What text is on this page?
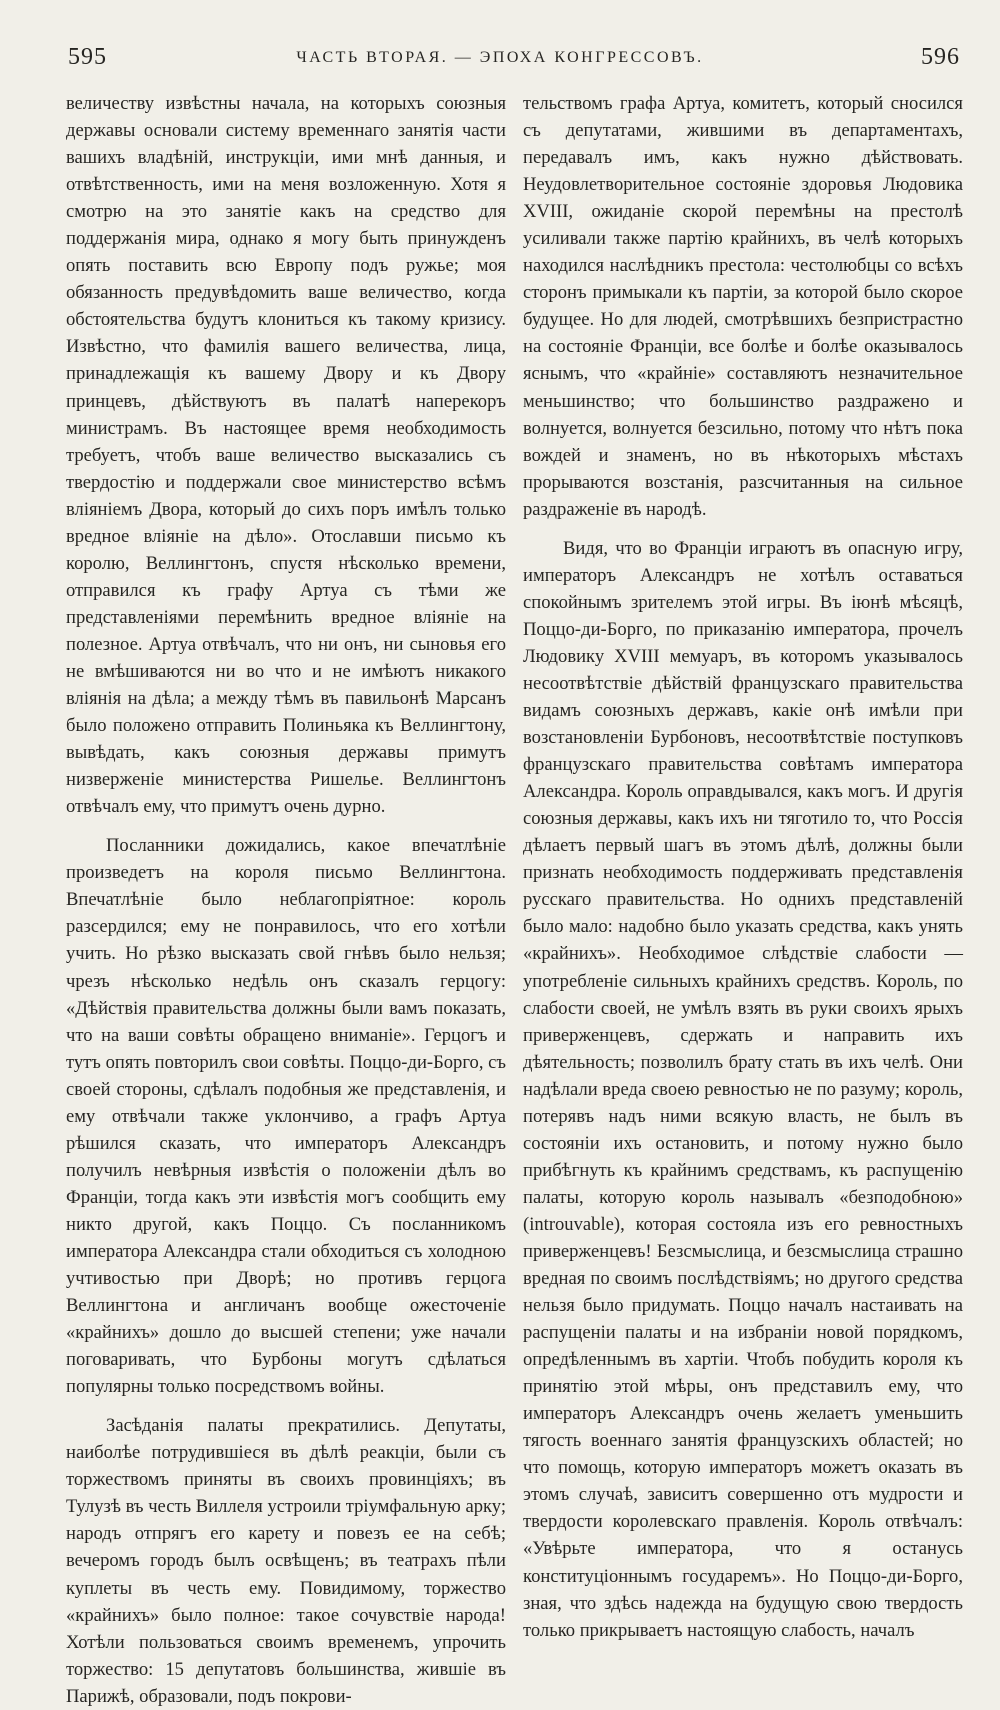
595	ЧАСТЬ ВТОРАЯ. — ЭПОХА КОНГРЕССОВЪ.	596

величеству извѣстны начала, на которыхъ союзныя державы основали систему временнаго занятія части вашихъ владѣній, инструкціи, ими мнѣ данныя, и отвѣтственность, ими на меня возложенную. Хотя я смотрю на это занятіе какъ на средство для поддержанія мира, однако я могу быть принужденъ опять поставить всю Европу подъ ружье; моя обязанность предувѣдомить ваше величество, когда обстоятельства будутъ клониться къ такому кризису. Извѣстно, что фамилія вашего величества, лица, принадлежащія къ вашему Двору и къ Двору принцевъ, дѣйствуютъ въ палатѣ наперекоръ министрамъ. Въ настоящее время необходимость требуетъ, чтобъ ваше величество высказались съ твердостію и поддержали свое министерство всѣмъ вліяніемъ Двора, который до сихъ поръ имѣлъ только вредное вліяніе на дѣло». Отославши письмо къ королю, Веллингтонъ, спустя нѣсколько времени, отправился къ графу Артуа съ тѣми же представленіями перемѣнить вредное вліяніе на полезное. Артуа отвѣчалъ, что ни онъ, ни сыновья его не вмѣшиваются ни во что и не имѣютъ никакого вліянія на дѣла; а между тѣмъ въ павильонѣ Марсанъ было положено отправить Полиньяка къ Веллингтону, вывѣдать, какъ союзныя державы примутъ низверженіе министерства Ришелье. Веллингтонъ отвѣчалъ ему, что примутъ очень дурно.

Посланники дожидались, какое впечатлѣніе произведетъ на короля письмо Веллингтона. Впечатлѣніе было неблагопріятное: король разсердился; ему не понравилось, что его хотѣли учить. Но рѣзко высказать свой гнѣвъ было нельзя; чрезъ нѣсколько недѣль онъ сказалъ герцогу: «Дѣйствія правительства должны были вамъ показать, что на ваши совѣты обращено вниманіе». Герцогъ и тутъ опять повторилъ свои совѣты. Поццо-ди-Борго, съ своей стороны, сдѣлалъ подобныя же представленія, и ему отвѣчали также уклончиво, а графъ Артуа рѣшился сказать, что императоръ Александръ получилъ невѣрныя извѣстія о положеніи дѣлъ во Франціи, тогда какъ эти извѣстія могъ сообщить ему никто другой, какъ Поццо. Съ посланникомъ императора Александра стали обходиться съ холодною учтивостью при Дворѣ; но противъ герцога Веллингтона и англичанъ вообще ожесточеніе «крайнихъ» дошло до высшей степени; уже начали поговаривать, что Бурбоны могутъ сдѣлаться популярны только посредствомъ войны.

Засѣданія палаты прекратились. Депутаты, наиболѣе потрудившіеся въ дѣлѣ реакціи, были съ торжествомъ приняты въ своихъ провинціяхъ; въ Тулузѣ въ честь Виллеля устроили тріумфальную арку; народъ отпрягъ его карету и повезъ ее на себѣ; вечеромъ городъ былъ освѣщенъ; въ театрахъ пѣли куплеты въ честь ему. Повидимому, торжество «крайнихъ» было полное: такое сочувствіе народа! Хотѣли пользоваться своимъ временемъ, упрочить торжество: 15 депутатовъ большинства, жившіе въ Парижѣ, образовали, подъ покрови-

тельствомъ графа Артуа, комитетъ, который сносился съ депутатами, жившими въ департаментахъ, передавалъ имъ, какъ нужно дѣйствовать. Неудовлетворительное состояніе здоровья Людовика XVIII, ожиданіе скорой перемѣны на престолѣ усиливали также партію крайнихъ, въ челѣ которыхъ находился наслѣдникъ престола: честолюбцы со всѣхъ сторонъ примыкали къ партіи, за которой было скорое будущее. Но для людей, смотрѣвшихъ безпристрастно на состояніе Франціи, все болѣе и болѣе оказывалось яснымъ, что «крайніе» составляютъ незначительное меньшинство; что большинство раздражено и волнуется, волнуется безсильно, потому что нѣтъ пока вождей и знаменъ, но въ нѣкоторыхъ мѣстахъ прорываются возстанія, разсчитанныя на сильное раздраженіе въ народѣ.

Видя, что во Франціи играютъ въ опасную игру, императоръ Александръ не хотѣлъ оставаться спокойнымъ зрителемъ этой игры. Въ іюнѣ мѣсяцѣ, Поццо-ди-Борго, по приказанію императора, прочелъ Людовику XVIII мемуаръ, въ которомъ указывалось несоотвѣтствіе дѣйствій французскаго правительства видамъ союзныхъ державъ, какіе онѣ имѣли при возстановленіи Бурбоновъ, несоотвѣтствіе поступковъ французскаго правительства совѣтамъ императора Александра. Король оправдывался, какъ могъ. И другія союзныя державы, какъ ихъ ни тяготило то, что Россія дѣлаетъ первый шагъ въ этомъ дѣлѣ, должны были признать необходимость поддерживать представленія русскаго правительства. Но однихъ представленій было мало: надобно было указать средства, какъ унять «крайнихъ». Необходимое слѣдствіе слабости — употребленіе сильныхъ крайнихъ средствъ. Король, по слабости своей, не умѣлъ взять въ руки своихъ ярыхъ приверженцевъ, сдержать и направить ихъ дѣятельность; позволилъ брату стать въ ихъ челѣ. Они надѣлали вреда своею ревностью не по разуму; король, потерявъ надъ ними всякую власть, не былъ въ состояніи ихъ остановить, и потому нужно было прибѣгнуть къ крайнимъ средствамъ, къ распущенію палаты, которую король называлъ «безподобною» (introuvable), которая состояла изъ его ревностныхъ приверженцевъ! Безсмыслица, и безсмыслица страшно вредная по своимъ послѣдствіямъ; но другого средства нельзя было придумать. Поццо началъ настаивать на распущеніи палаты и на избраніи новой порядкомъ, опредѣленнымъ въ хартіи. Чтобъ побудить короля къ принятію этой мѣры, онъ представилъ ему, что императоръ Александръ очень желаетъ уменьшить тягость военнаго занятія французскихъ областей; но что помощь, которую императоръ можетъ оказать въ этомъ случаѣ, зависитъ совершенно отъ мудрости и твердости королевскаго правленія. Король отвѣчалъ: «Увѣрьте императора, что я останусь конституціоннымъ государемъ». Но Поццо-ди-Борго, зная, что здѣсь надежда на будущую свою твердость только прикрываетъ настоящую слабость, началъ
